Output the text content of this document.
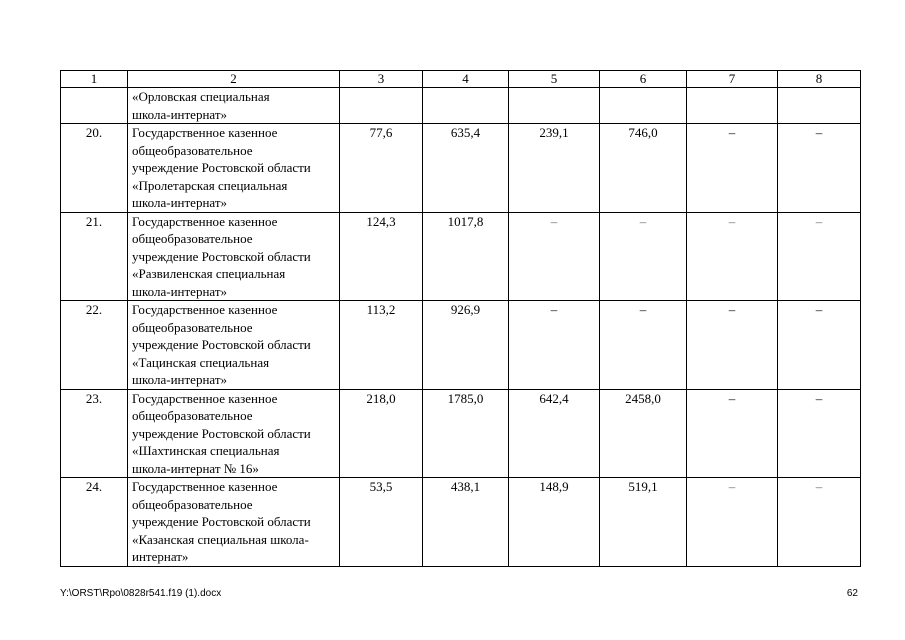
1	2	3	4	5	6	7	8

	«Орловская специальная
школа-интернат»						

20.	Государственное казенное
общеобразовательное
учреждение Ростовской области
«Пролетарская специальная
школа-интернат»	77,6	635,4	239,1	746,0	–	–
21.	Государственное казенное
общеобразовательное
учреждение Ростовской области
«Развиленская специальная
школа-интернат»	124,3	1017,8	–	–	–	–
22.	Государственное казенное
общеобразовательное
учреждение Ростовской области
«Тацинская специальная
школа-интернат»	113,2	926,9	–	–	–	–
23.	Государственное казенное
общеобразовательное
учреждение Ростовской области
«Шахтинская специальная
школа-интернат № 16»	218,0	1785,0	642,4	2458,0	–	–
24.	Государственное казенное
общеобразовательное
учреждение Ростовской области
«Казанская специальная школа-
интернат»	53,5	438,1	148,9	519,1	–	–
Y:\ORST\Rpo\0828r541.f19 (1).docx	62
